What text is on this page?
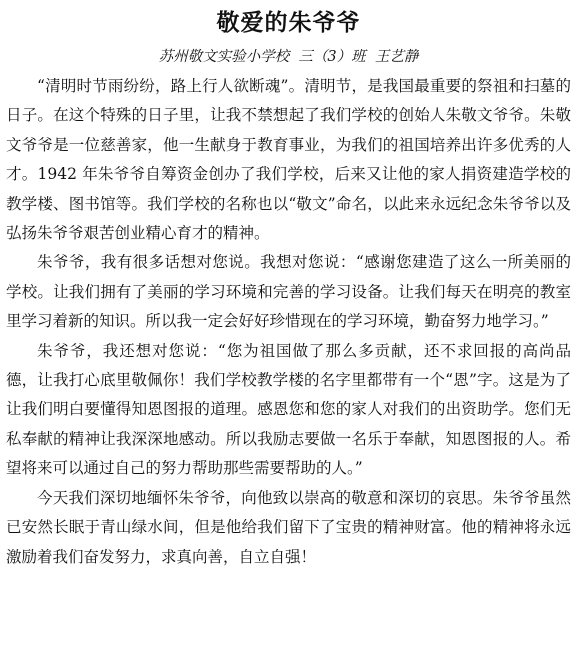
敬爱的朱爷爷
苏州敬文实验小学校  三（3）班  王艺静

“清明时节雨纷纷，路上行人欲断魂”。清明节，是我国最重要的祭祖和扫墓的日子。在这个特殊的日子里，让我不禁想起了我们学校的创始人朱敬文爷爷。朱敬文爷爷是一位慈善家，他一生献身于教育事业，为我们的祖国培养出许多优秀的人才。1942 年朱爷爷自筹资金创办了我们学校，后来又让他的家人捐资建造学校的教学楼、图书馆等。我们学校的名称也以“敬文”命名，以此来永远纪念朱爷爷以及弘扬朱爷爷艰苦创业精心育才的精神。

朱爷爷，我有很多话想对您说。我想对您说：“感谢您建造了这么一所美丽的学校。让我们拥有了美丽的学习环境和完善的学习设备。让我们每天在明亮的教室里学习着新的知识。所以我一定会好好珍惜现在的学习环境，勤奋努力地学习。”

朱爷爷，我还想对您说：“您为祖国做了那么多贡献，还不求回报的高尚品德，让我打心底里敬佩你！我们学校教学楼的名字里都带有一个“恩”字。这是为了让我们明白要懂得知恩图报的道理。感恩您和您的家人对我们的出资助学。您们无私奉献的精神让我深深地感动。所以我励志要做一名乐于奉献，知恩图报的人。希望将来可以通过自己的努力帮助那些需要帮助的人。”

今天我们深切地缅怀朱爷爷，向他致以崇高的敬意和深切的哀思。朱爷爷虽然已安然长眠于青山绿水间，但是他给我们留下了宝贵的精神财富。他的精神将永远激励着我们奋发努力，求真向善，自立自强！
